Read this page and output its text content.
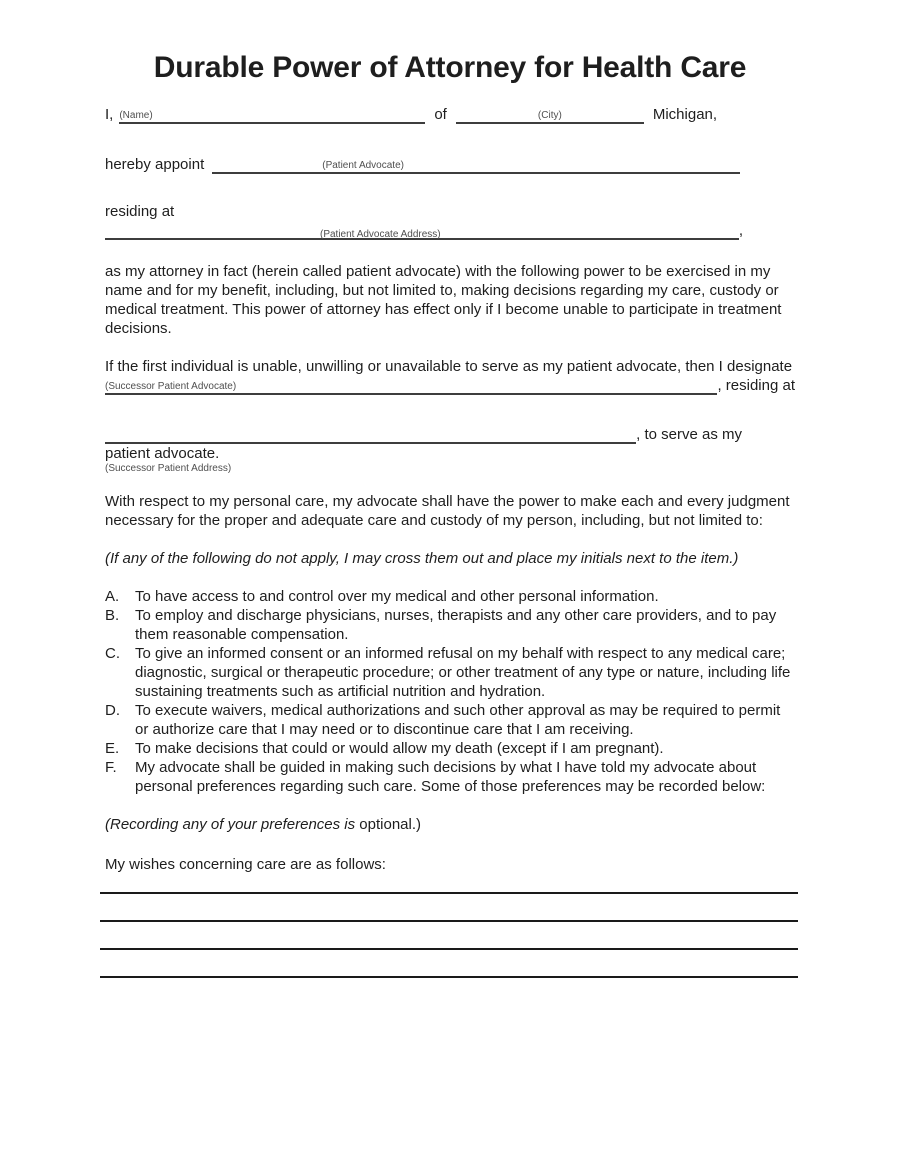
Durable Power of Attorney for Health Care
I, (Name)	of	(City)	Michigan,
hereby appoint	(Patient Advocate)
residing at
(Patient Advocate Address)	,

as my attorney in fact (herein called patient advocate) with the following power to be exercised in my name and for my benefit, including, but not limited to, making decisions regarding my care, custody or medical treatment. This power of attorney has effect only if I become unable to participate in treatment decisions.

If the first individual is unable, unwilling or unavailable to serve as my patient advocate, then I designate

(Successor Patient Advocate)	, residing at
, to serve as my
patient advocate.
(Successor Patient Address)

With respect to my personal care, my advocate shall have the power to make each and every judgment necessary for the proper and adequate care and custody of my person, including, but not limited to:

(If any of the following do not apply, I may cross them out and place my initials next to the item.)

A. To have access to and control over my medical and other personal information.
B. To employ and discharge physicians, nurses, therapists and any other care providers, and to pay them reasonable compensation.
C. To give an informed consent or an informed refusal on my behalf with respect to any medical care; diagnostic, surgical or therapeutic procedure; or other treatment of any type or nature, including life sustaining treatments such as artificial nutrition and hydration.
D. To execute waivers, medical authorizations and such other approval as may be required to permit or authorize care that I may need or to discontinue care that I am receiving.
E. To make decisions that could or would allow my death (except if I am pregnant).
F. My advocate shall be guided in making such decisions by what I have told my advocate about personal preferences regarding such care. Some of those preferences may be recorded below:

(Recording any of your preferences is optional.)

My wishes concerning care are as follows:
